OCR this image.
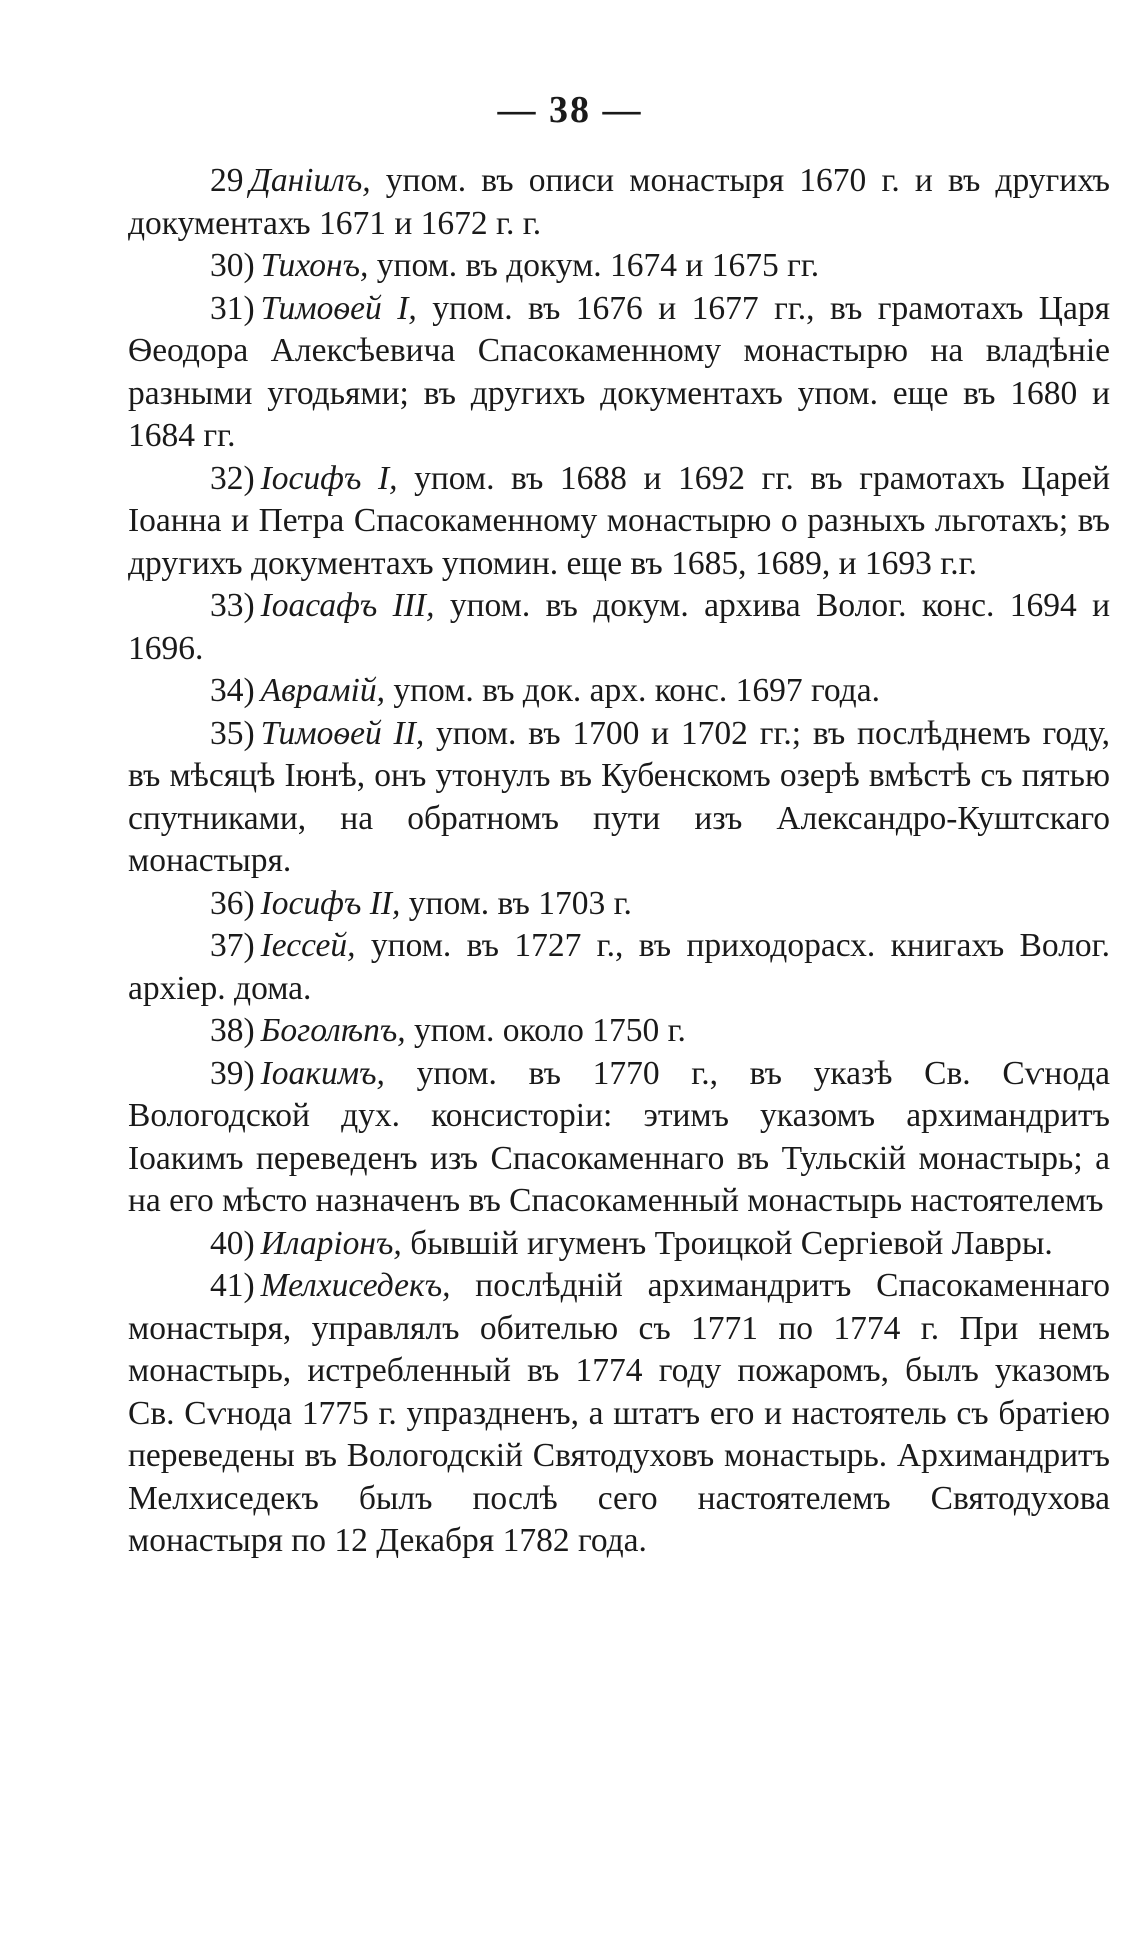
— 38 —

29 Даніилъ, упом. въ описи монастыря 1670 г. и въ другихъ документахъ 1671 и 1672 г. г.

30) Тихонъ, упом. въ докум. 1674 и 1675 гг.

31) Тимоѳей І, упом. въ 1676 и 1677 гг., въ грамотахъ Царя Ѳеодора Алексѣевича Спасокаменному монастырю на владѣніе разными угодьями; въ другихъ документахъ упом. еще въ 1680 и 1684 гг.

32) Іосифъ І, упом. въ 1688 и 1692 гг. въ грамотахъ Царей Іоанна и Петра Спасокаменному монастырю о разныхъ льготахъ; въ другихъ документахъ упомин. еще въ 1685, 1689, и 1693 г.г.

33) Іоасафъ ІІІ, упом. въ докум. архива Волог. конс. 1694 и 1696.

34) Аврамій, упом. въ док. арх. конс. 1697 года.

35) Тимоѳей ІІ, упом. въ 1700 и 1702 гг.; въ послѣднемъ году, въ мѣсяцѣ Іюнѣ, онъ утонулъ въ Кубенскомъ озерѣ вмѣстѣ съ пятью спутниками, на обратномъ пути изъ Александро-Куштскаго монастыря.

36) Іосифъ ІІ, упом. въ 1703 г.

37) Іессей, упом. въ 1727 г., въ приходорасх. книгахъ Волог. архіер. дома.

38) Боголѣпъ, упом. около 1750 г.

39) Іоакимъ, упом. въ 1770 г., въ указѣ Св. Сѵнода Вологодской дух. консисторіи: этимъ указомъ архимандритъ Іоакимъ переведенъ изъ Спасокаменнаго въ Тульскій монастырь; а на его мѣсто назначенъ въ Спасокаменный монастырь настоятелемъ

40) Иларіонъ, бывшій игуменъ Троицкой Сергіевой Лавры.

41) Мелхиседекъ, послѣдній архимандритъ Спасокаменнаго монастыря, управлялъ обителью съ 1771 по 1774 г. При немъ монастырь, истребленный въ 1774 году пожаромъ, былъ указомъ Св. Сѵнода 1775 г. упраздненъ, а штатъ его и настоятель съ братіею переведены въ Вологодскій Святодуховъ монастырь. Архимандритъ Мелхиседекъ былъ послѣ сего настоятелемъ Святодухова монастыря по 12 Декабря 1782 года.
